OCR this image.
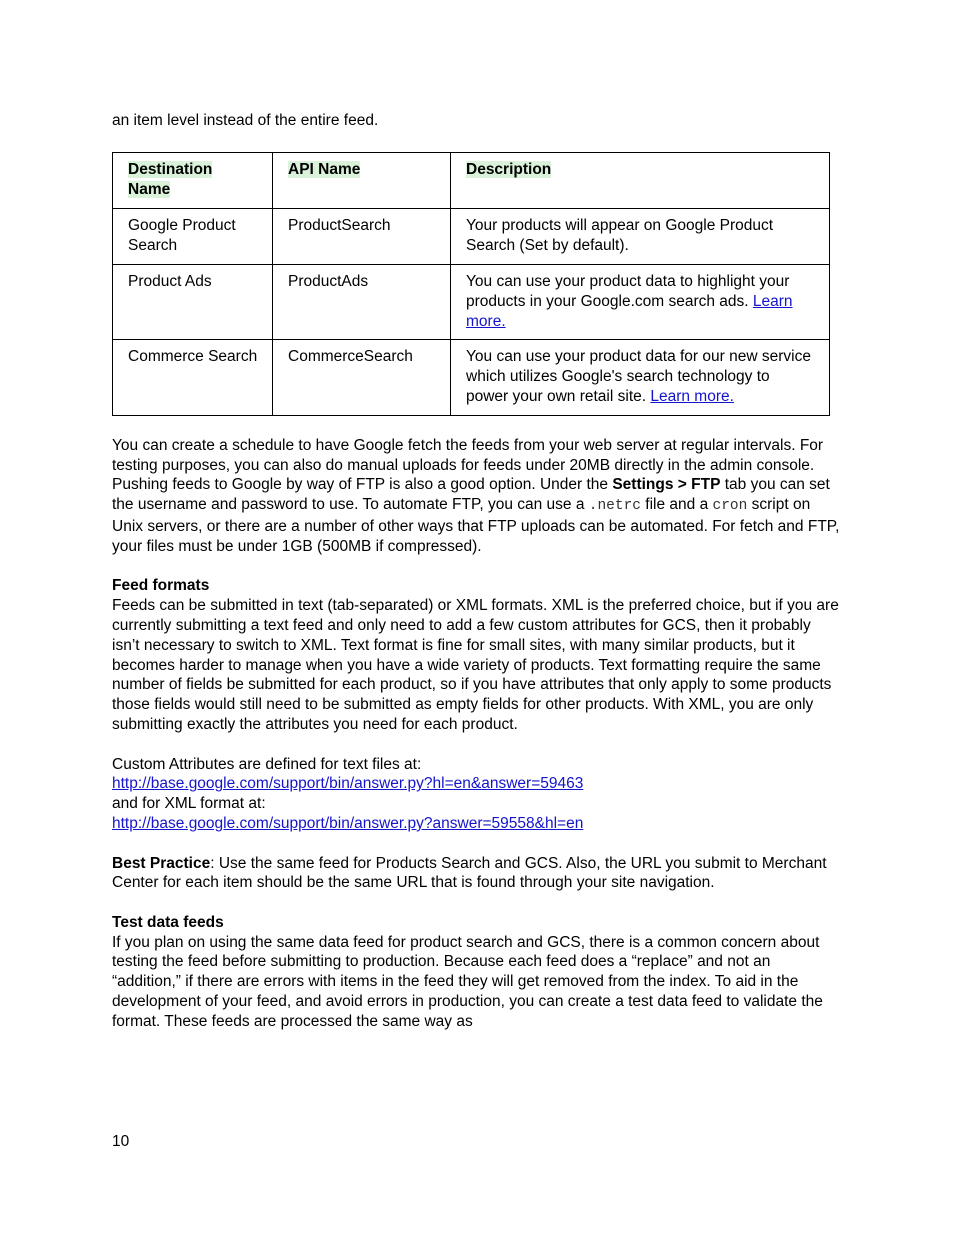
an item level instead of the entire feed.

Destination Name	API Name	Description
Google Product Search	ProductSearch	Your products will appear on Google Product Search (Set by default).
Product Ads	ProductAds	You can use your product data to highlight your products in your Google.com search ads. Learn more.
Commerce Search	CommerceSearch	You can use your product data for our new service which utilizes Google's search technology to power your own retail site. Learn more.

You can create a schedule to have Google fetch the feeds from your web server at regular intervals. For testing purposes, you can also do manual uploads for feeds under 20MB directly in the admin console. Pushing feeds to Google by way of FTP is also a good option. Under the Settings > FTP tab you can set the username and password to use. To automate FTP, you can use a .netrc file and a cron script on Unix servers, or there are a number of other ways that FTP uploads can be automated. For fetch and FTP, your files must be under 1GB (500MB if compressed).

Feed formats

Feeds can be submitted in text (tab-separated) or XML formats. XML is the preferred choice, but if you are currently submitting a text feed and only need to add a few custom attributes for GCS, then it probably isn’t necessary to switch to XML. Text format is fine for small sites, with many similar products, but it becomes harder to manage when you have a wide variety of products. Text formatting require the same number of fields be submitted for each product, so if you have attributes that only apply to some products those fields would still need to be submitted as empty fields for other products. With XML, you are only submitting exactly the attributes you need for each product.

Custom Attributes are defined for text files at:

http://base.google.com/support/bin/answer.py?hl=en&answer=59463

and for XML format at:

http://base.google.com/support/bin/answer.py?answer=59558&hl=en

Best Practice: Use the same feed for Products Search and GCS. Also, the URL you submit to Merchant Center for each item should be the same URL that is found through your site navigation.

Test data feeds

If you plan on using the same data feed for product search and GCS, there is a common concern about testing the feed before submitting to production. Because each feed does a “replace” and not an “addition,” if there are errors with items in the feed they will get removed from the index. To aid in the development of your feed, and avoid errors in production, you can create a test data feed to validate the format. These feeds are processed the same way as

10
